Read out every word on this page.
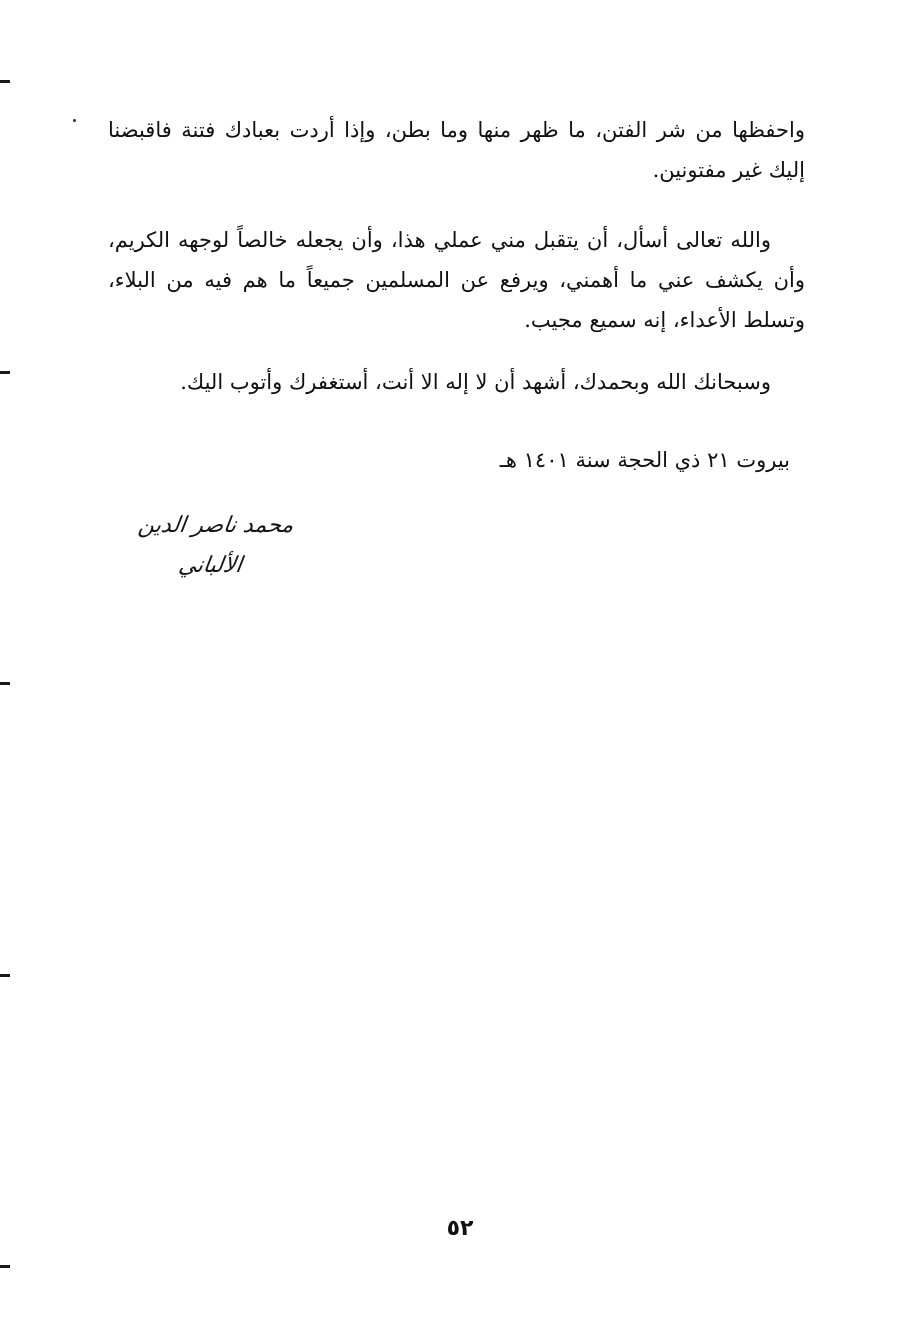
واحفظها من شر الفتن، ما ظهر منها وما بطن، وإذا أردت بعبادك فتنة فاقبضنا إليك غير مفتونين.

والله تعالى أسأل، أن يتقبل مني عملي هذا، وأن يجعله خالصاً لوجهه الكريم، وأن يكشف عني ما أهمني، ويرفع عن المسلمين جميعاً ما هم فيه من البلاء، وتسلط الأعداء، إنه سميع مجيب.

وسبحانك الله وبحمدك، أشهد أن لا إله الا أنت، أستغفرك وأتوب اليك.

بيروت ٢١ ذي الحجة سنة ١٤٠١ هـ
محمد ناصر الدين الألباني
٥٢
